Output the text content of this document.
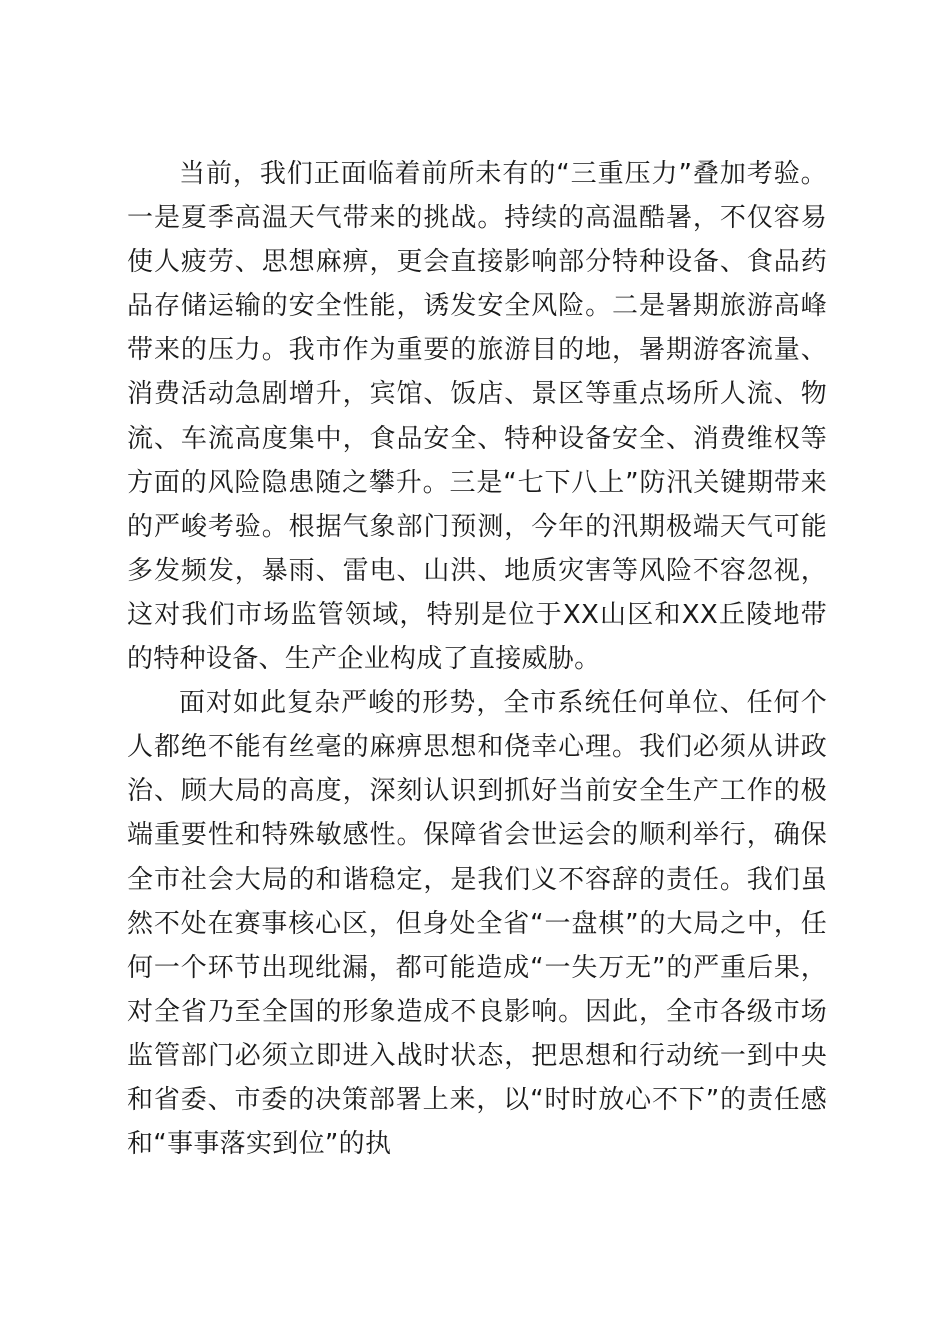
当前，我们正面临着前所未有的“三重压力”叠加考验。一是夏季高温天气带来的挑战。持续的高温酷暑，不仅容易使人疲劳、思想麻痹，更会直接影响部分特种设备、食品药品存储运输的安全性能，诱发安全风险。二是暑期旅游高峰带来的压力。我市作为重要的旅游目的地，暑期游客流量、消费活动急剧增升，宾馆、饭店、景区等重点场所人流、物流、车流高度集中，食品安全、特种设备安全、消费维权等方面的风险隐患随之攀升。三是“七下八上”防汛关键期带来的严峻考验。根据气象部门预测，今年的汛期极端天气可能多发频发，暴雨、雷电、山洪、地质灾害等风险不容忽视，这对我们市场监管领域，特别是位于XX山区和XX丘陵地带的特种设备、生产企业构成了直接威胁。

面对如此复杂严峻的形势，全市系统任何单位、任何个人都绝不能有丝毫的麻痹思想和侥幸心理。我们必须从讲政治、顾大局的高度，深刻认识到抓好当前安全生产工作的极端重要性和特殊敏感性。保障省会世运会的顺利举行，确保全市社会大局的和谐稳定，是我们义不容辞的责任。我们虽然不处在赛事核心区，但身处全省“一盘棋”的大局之中，任何一个环节出现纰漏，都可能造成“一失万无”的严重后果，对全省乃至全国的形象造成不良影响。因此，全市各级市场监管部门必须立即进入战时状态，把思想和行动统一到中央和省委、市委的决策部署上来，以“时时放心不下”的责任感和“事事落实到位”的执
